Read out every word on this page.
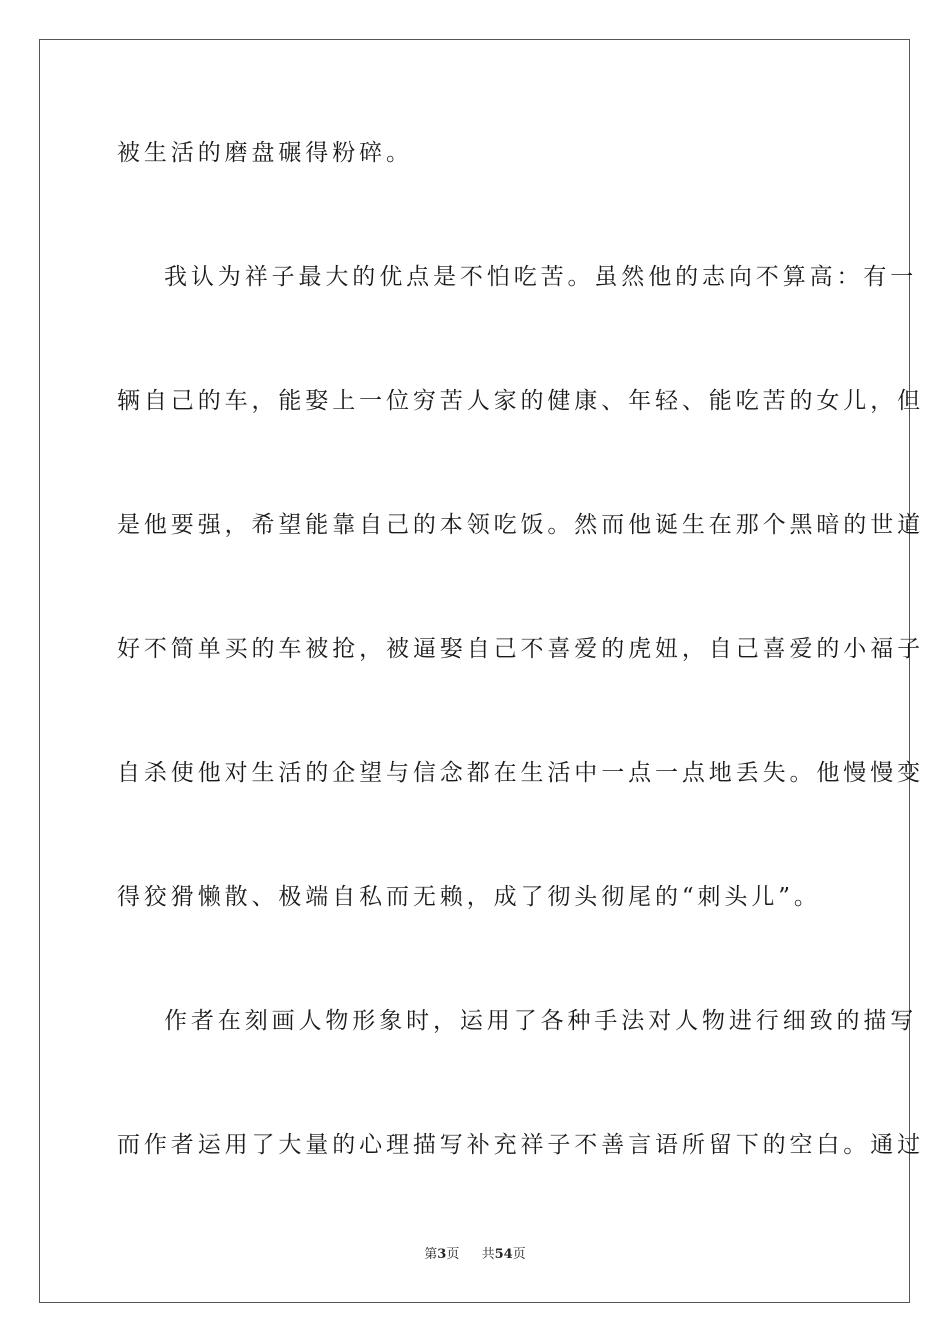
被生活的磨盘碾得粉碎。
我认为祥子最大的优点是不怕吃苦。虽然他的志向不算高：有一
辆自己的车，能娶上一位穷苦人家的健康、年轻、能吃苦的女儿，但
是他要强，希望能靠自己的本领吃饭。然而他诞生在那个黑暗的世道
好不简单买的车被抢，被逼娶自己不喜爱的虎妞，自己喜爱的小福子
自杀使他对生活的企望与信念都在生活中一点一点地丢失。他慢慢变
得狡猾懒散、极端自私而无赖，成了彻头彻尾的“刺头儿”。
作者在刻画人物形象时，运用了各种手法对人物进行细致的描写
而作者运用了大量的心理描写补充祥子不善言语所留下的空白。通过
第3页 共54页
